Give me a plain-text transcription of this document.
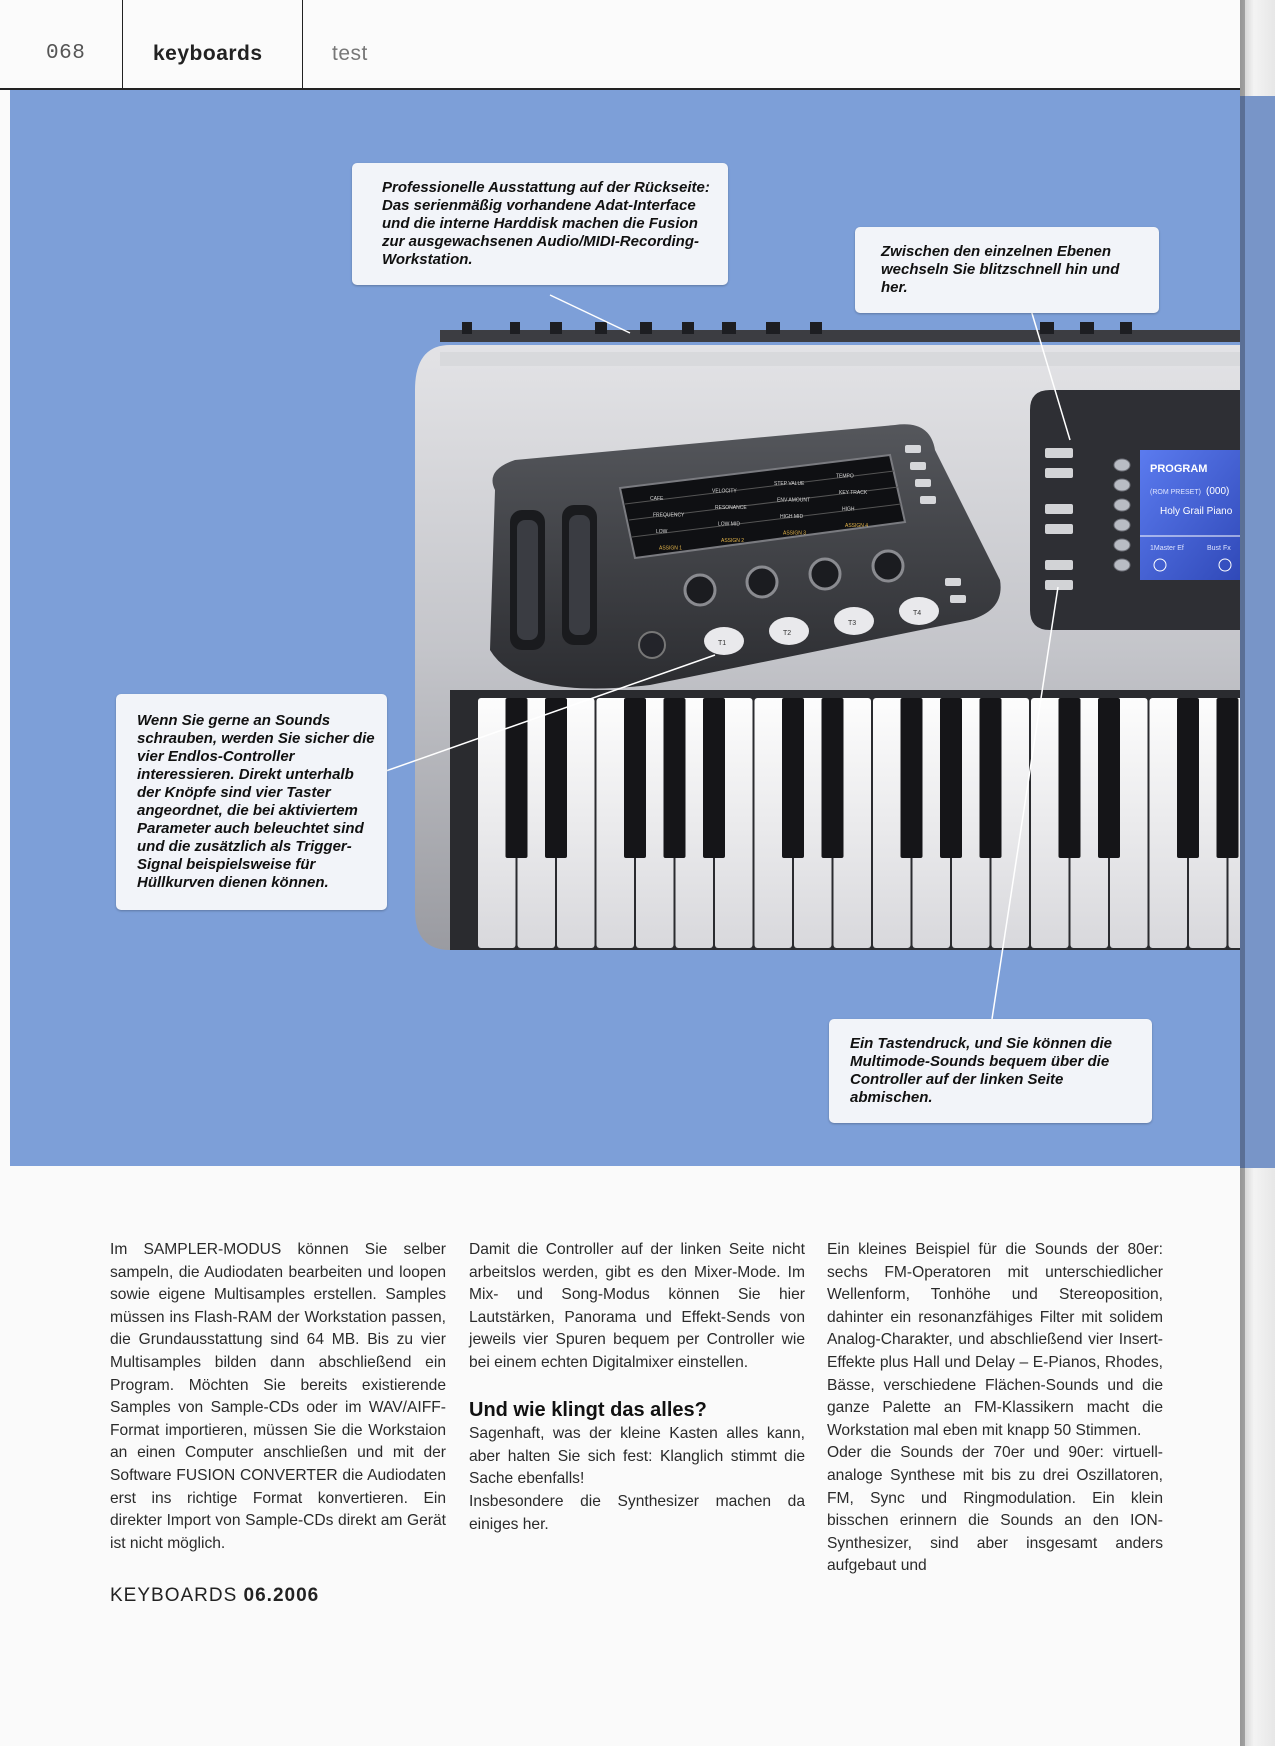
068	keyboards	test
PROGRAM
(ROM PRESET) (000)
Holy Grail Piano
1Master Ef	Bust Fx
CAFE
VELOCITY
STEP VALUE
TEMPO
FREQUENCY
RESONANCE
ENV AMOUNT
KEY TRACK
LOW
LOW MID
HIGH MID
HIGH
ASSIGN 1
ASSIGN 2
ASSIGN 3
ASSIGN 4
T1
T2
T3
T4

Professionelle Ausstattung auf der Rückseite: Das serienmäßig vorhandene Adat-Interface und die interne Harddisk machen die Fusion zur ausgewachsenen Audio/MIDI-Recording-Workstation.	Zwischen den einzelnen Ebenen wechseln Sie blitzschnell hin und her.

Wenn Sie gerne an Sounds schrauben, werden Sie sicher die vier Endlos-Controller interessieren. Direkt unterhalb der Knöpfe sind vier Taster angeordnet, die bei aktiviertem Parameter auch beleuchtet sind und die zusätzlich als Trigger-Signal beispielsweise für Hüllkurven dienen können.

Ein Tastendruck, und Sie können die Multimode-Sounds bequem über die Controller auf der linken Seite abmischen.

Im SAMPLER-MODUS können Sie selber sampeln, die Audiodaten bearbeiten und loopen sowie eigene Multisamples erstellen. Samples müssen ins Flash-RAM der Workstation passen, die Grundausstattung sind 64 MB. Bis zu vier Multisamples bilden dann abschließend ein Program. Möchten Sie bereits existierende Samples von Sample-CDs oder im WAV/AIFF-Format importieren, müssen Sie die Workstaion an einen Computer anschließen und mit der Software FUSION CONVERTER die Audiodaten erst ins richtige Format konvertieren. Ein direkter Import von Sample-CDs direkt am Gerät ist nicht möglich.

Damit die Controller auf der linken Seite nicht arbeitslos werden, gibt es den Mixer-Mode. Im Mix- und Song-Modus können Sie hier Lautstärken, Panorama und Effekt-Sends von jeweils vier Spuren bequem per Controller wie bei einem echten Digitalmixer einstellen.

Und wie klingt das alles?

Sagenhaft, was der kleine Kasten alles kann, aber halten Sie sich fest: Klanglich stimmt die Sache ebenfalls!

Insbesondere die Synthesizer machen da einiges her.

Ein kleines Beispiel für die Sounds der 80er: sechs FM-Operatoren mit unterschiedlicher Wellenform, Tonhöhe und Stereoposition, dahinter ein resonanzfähiges Filter mit solidem Analog-Charakter, und abschließend vier Insert-Effekte plus Hall und Delay – E-Pianos, Rhodes, Bässe, verschiedene Flächen-Sounds und die ganze Palette an FM-Klassikern macht die Workstation mal eben mit knapp 50 Stimmen.

Oder die Sounds der 70er und 90er: virtuell-analoge Synthese mit bis zu drei Oszillatoren, FM, Sync und Ringmodulation. Ein klein bisschen erinnern die Sounds an den ION-Synthesizer, sind aber insgesamt anders aufgebaut und

KEYBOARDS 06.2006
